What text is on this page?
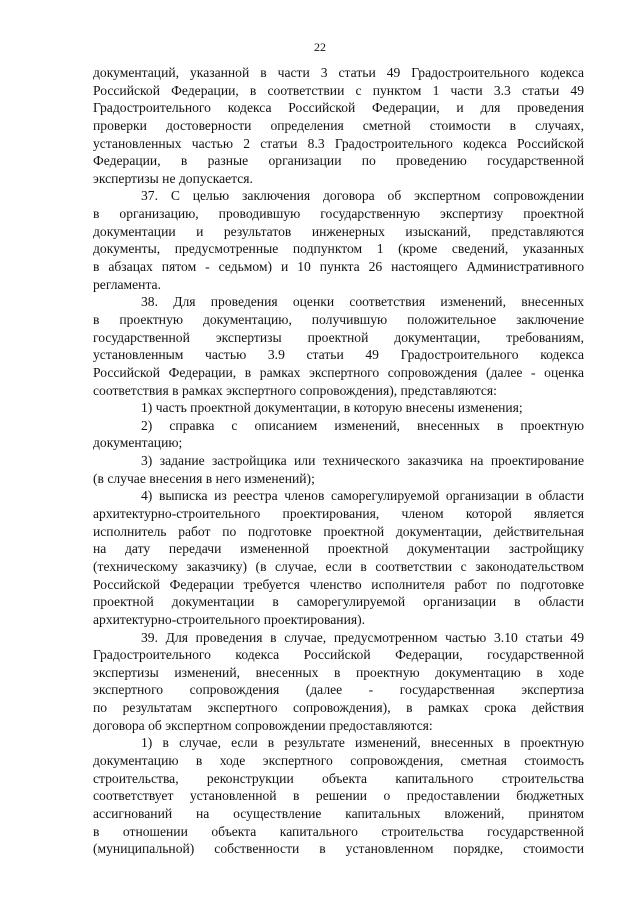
22
документаций, указанной в части 3 статьи 49 Градостроительного кодекса
Российской Федерации, в соответствии с пунктом 1 части 3.3 статьи 49
Градостроительного кодекса Российской Федерации, и для проведения
проверки достоверности определения сметной стоимости в случаях,
установленных частью 2 статьи 8.3 Градостроительного кодекса Российской
Федерации, в разные организации по проведению государственной
экспертизы не допускается.
37. С целью заключения договора об экспертном сопровождении
в организацию, проводившую государственную экспертизу проектной
документации и результатов инженерных изысканий, представляются
документы, предусмотренные подпунктом 1 (кроме сведений, указанных
в абзацах пятом - седьмом) и 10 пункта 26 настоящего Административного
регламента.
38. Для проведения оценки соответствия изменений, внесенных
в проектную документацию, получившую положительное заключение
государственной экспертизы проектной документации, требованиям,
установленным частью 3.9 статьи 49 Градостроительного кодекса
Российской Федерации, в рамках экспертного сопровождения (далее - оценка
соответствия в рамках экспертного сопровождения), представляются:
1) часть проектной документации, в которую внесены изменения;
2) справка с описанием изменений, внесенных в проектную
документацию;
3) задание застройщика или технического заказчика на проектирование
(в случае внесения в него изменений);
4) выписка из реестра членов саморегулируемой организации в области
архитектурно-строительного проектирования, членом которой является
исполнитель работ по подготовке проектной документации, действительная
на дату передачи измененной проектной документации застройщику
(техническому заказчику) (в случае, если в соответствии с законодательством
Российской Федерации требуется членство исполнителя работ по подготовке
проектной документации в саморегулируемой организации в области
архитектурно-строительного проектирования).
39. Для проведения в случае, предусмотренном частью 3.10 статьи 49
Градостроительного кодекса Российской Федерации, государственной
экспертизы изменений, внесенных в проектную документацию в ходе
экспертного сопровождения (далее - государственная экспертиза
по результатам экспертного сопровождения), в рамках срока действия
договора об экспертном сопровождении предоставляются:
1) в случае, если в результате изменений, внесенных в проектную
документацию в ходе экспертного сопровождения, сметная стоимость
строительства, реконструкции объекта капитального строительства
соответствует установленной в решении о предоставлении бюджетных
ассигнований на осуществление капитальных вложений, принятом
в отношении объекта капитального строительства государственной
(муниципальной) собственности в установленном порядке, стоимости
